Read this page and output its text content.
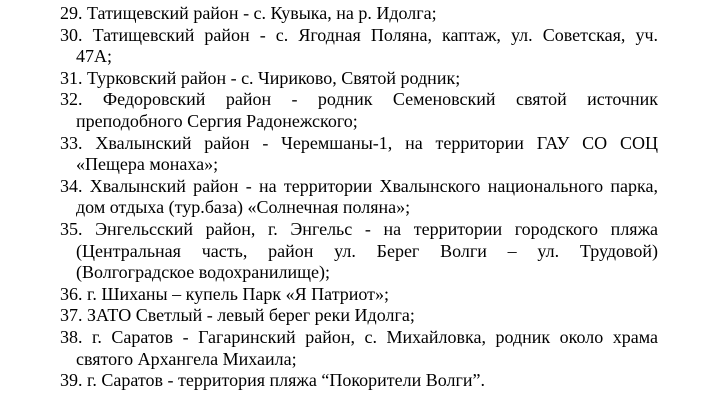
29. Татищевский район - с. Кувыка, на р. Идолга;
30. Татищевский район - с. Ягодная Поляна, каптаж, ул. Советская, уч.
47А;
31. Турковский район - с. Чириково, Святой родник;
32. Федоровский район - родник Семеновский святой источник
преподобного Сергия Радонежского;
33. Хвалынский район - Черемшаны-1, на территории ГАУ СО СОЦ
«Пещера монаха»;
34. Хвалынский район - на территории Хвалынского национального парка,
дом отдыха (тур.база) «Солнечная поляна»;
35. Энгельсский район, г. Энгельс - на территории городского пляжа
(Центральная часть, район ул. Берег Волги – ул. Трудовой)
(Волгоградское водохранилище);
36. г. Шиханы – купель Парк «Я Патриот»;
37. ЗАТО Светлый - левый берег реки Идолга;
38. г. Саратов - Гагаринский район, с. Михайловка, родник около храма
святого Архангела Михаила;
39. г. Саратов - территория пляжа “Покорители Волги”.
